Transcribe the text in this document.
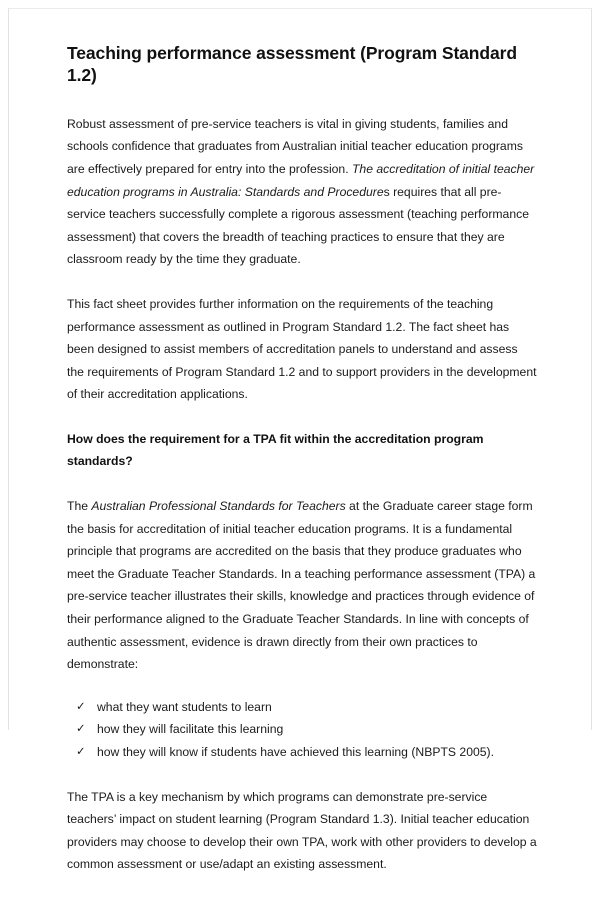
Teaching performance assessment (Program Standard 1.2)

Robust assessment of pre-service teachers is vital in giving students, families and schools confidence that graduates from Australian initial teacher education programs are effectively prepared for entry into the profession. The accreditation of initial teacher education programs in Australia: Standards and Procedures requires that all pre-service teachers successfully complete a rigorous assessment (teaching performance assessment) that covers the breadth of teaching practices to ensure that they are classroom ready by the time they graduate.

This fact sheet provides further information on the requirements of the teaching performance assessment as outlined in Program Standard 1.2. The fact sheet has been designed to assist members of accreditation panels to understand and assess the requirements of Program Standard 1.2 and to support providers in the development of their accreditation applications.

How does the requirement for a TPA fit within the accreditation program standards?

The Australian Professional Standards for Teachers at the Graduate career stage form the basis for accreditation of initial teacher education programs. It is a fundamental principle that programs are accredited on the basis that they produce graduates who meet the Graduate Teacher Standards. In a teaching performance assessment (TPA) a pre-service teacher illustrates their skills, knowledge and practices through evidence of their performance aligned to the Graduate Teacher Standards. In line with concepts of authentic assessment, evidence is drawn directly from their own practices to demonstrate:

✓ what they want students to learn
✓ how they will facilitate this learning
✓ how they will know if students have achieved this learning (NBPTS 2005).

The TPA is a key mechanism by which programs can demonstrate pre-service teachers’ impact on student learning (Program Standard 1.3). Initial teacher education providers may choose to develop their own TPA, work with other providers to develop a common assessment or use/adapt an existing assessment.
